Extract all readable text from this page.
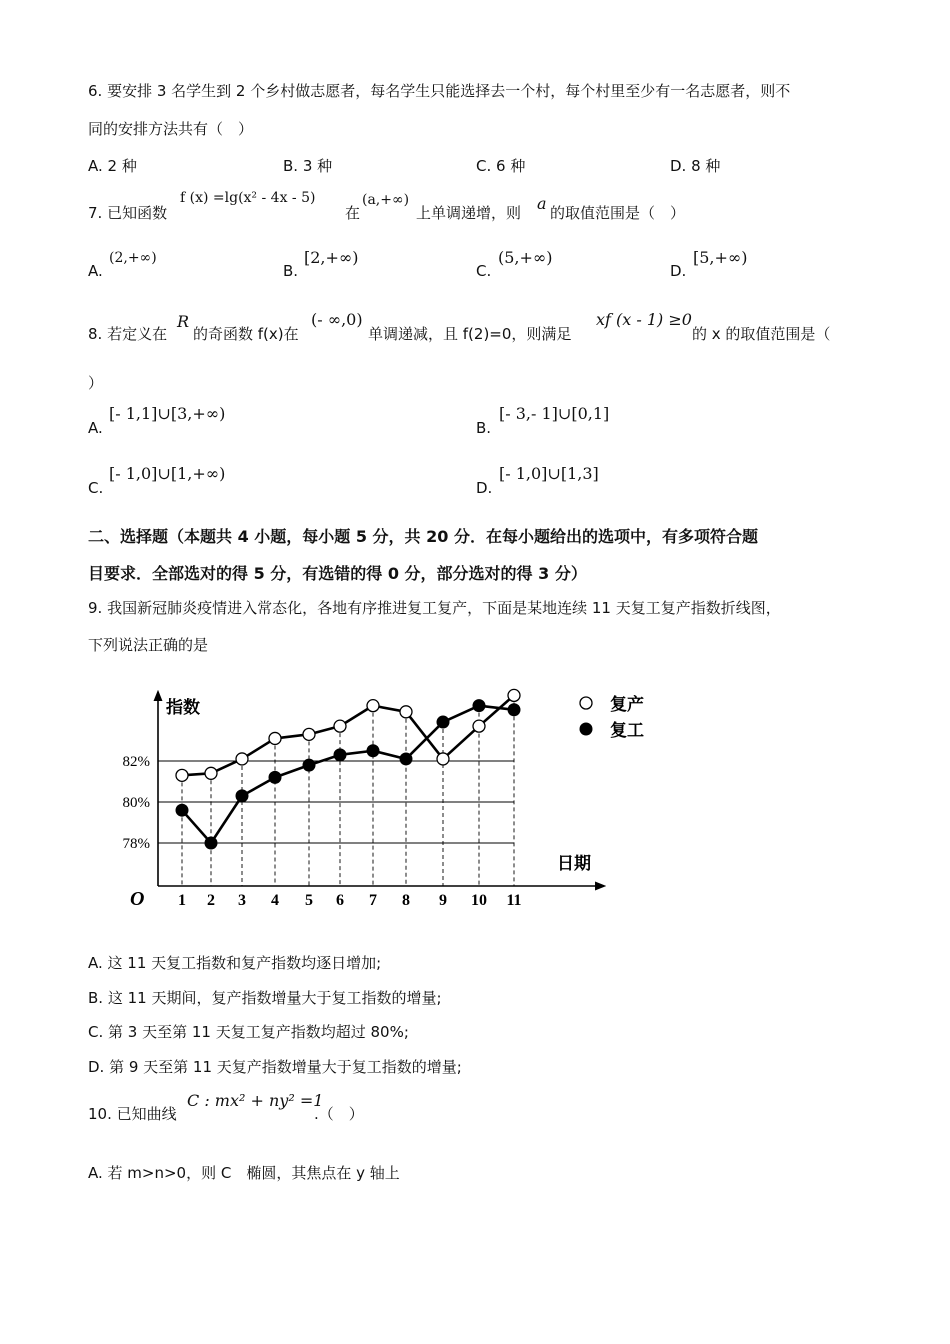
6. 要安排 3 名学生到 2 个乡村做志愿者，每名学生只能选择去一个村，每个村里至少有一名志愿者，则不
同的安排方法共有（　）
A. 2 种	B. 3 种	C. 6 种	D. 8 种
7. 已知函数
f (x) =lg(x² - 4x - 5)
在
(a,+∞)
上单调递增，则 a 的取值范围是（　）
A.
(2,+∞)
B.
[2,+∞)
C.
(5,+∞)
D.
[5,+∞)
8. 若定义在
R
的奇函数 f(x)在
(- ∞,0)
单调递减，且 f(2)=0，则满足
xf (x - 1) ≥0
的 x 的取值范围是（
）
A.
[- 1,1]∪[3,+∞)
B.
[- 3,- 1]∪[0,1]
C.
[- 1,0]∪[1,+∞)
D.
[- 1,0]∪[1,3]
二、选择题（本题共 4 小题，每小题 5 分，共 20 分．在每小题给出的选项中，有多项符合题
目要求．全部选对的得 5 分，有选错的得 0 分，部分选对的得 3 分）
9. 我国新冠肺炎疫情进入常态化，各地有序推进复工复产，下面是某地连续 11 天复工复产指数折线图，
下列说法正确的是
指数
日期
O
78%
80%
82%
1 2 3 4 5 6 7 8 9 10 11
复产
复工
A. 这 11 天复工指数和复产指数均逐日增加;
B. 这 11 天期间，复产指数增量大于复工指数的增量;
C. 第 3 天至第 11 天复工复产指数均超过 80%;
D. 第 9 天至第 11 天复产指数增量大于复工指数的增量;
10. 已知曲线
C : mx² + ny² =1
.（　）
A. 若 m>n>0，则 C　椭圆，其焦点在 y 轴上
